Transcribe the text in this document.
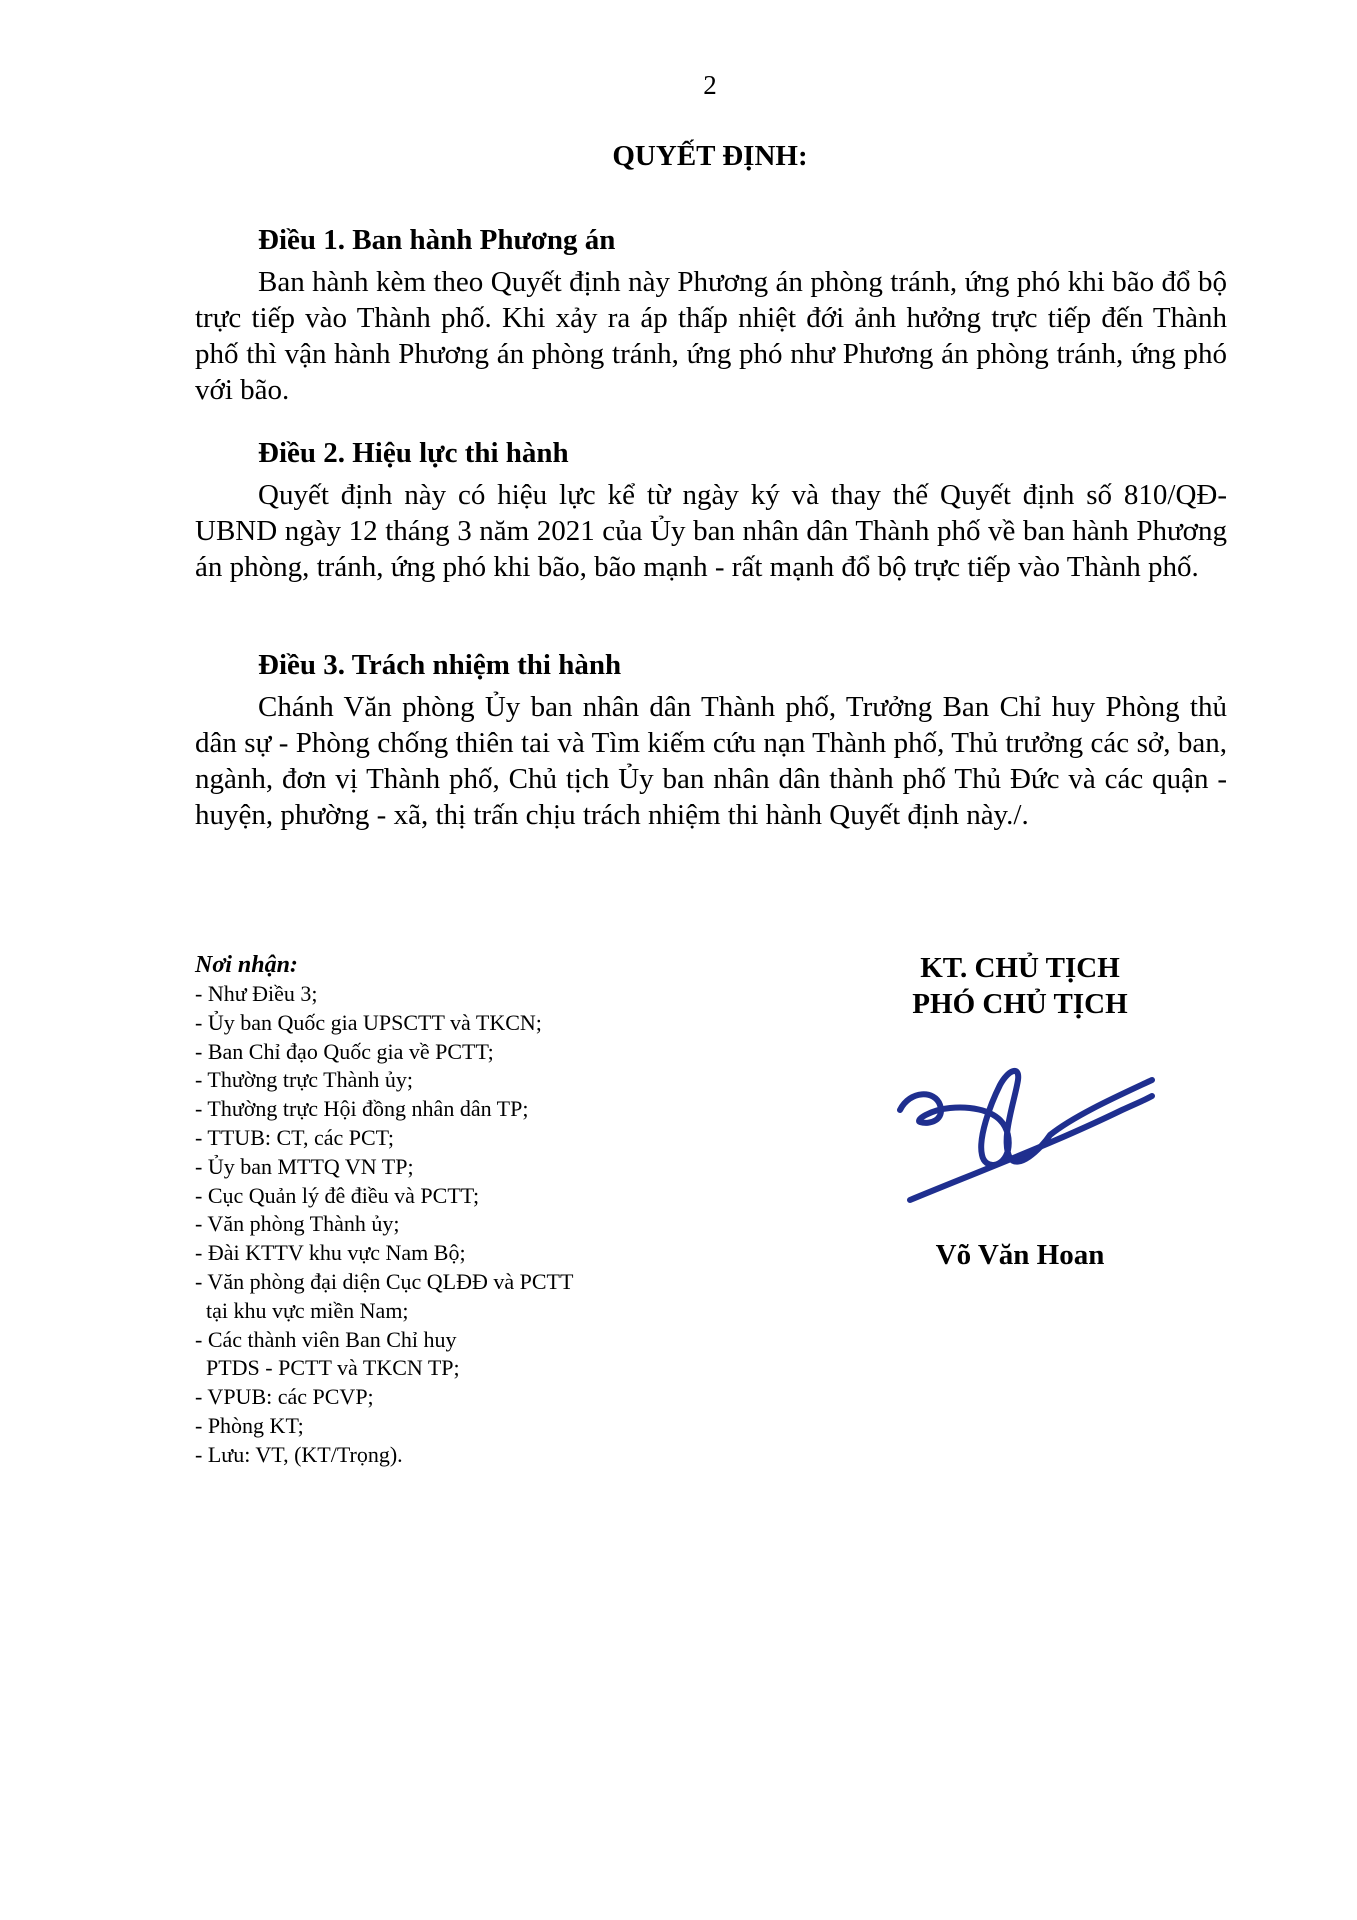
2
QUYẾT ĐỊNH:

Điều 1. Ban hành Phương án

Ban hành kèm theo Quyết định này Phương án phòng tránh, ứng phó khi bão đổ bộ trực tiếp vào Thành phố. Khi xảy ra áp thấp nhiệt đới ảnh hưởng trực tiếp đến Thành phố thì vận hành Phương án phòng tránh, ứng phó như Phương án phòng tránh, ứng phó với bão.

Điều 2. Hiệu lực thi hành

Quyết định này có hiệu lực kể từ ngày ký và thay thế Quyết định số 810/QĐ-UBND ngày 12 tháng 3 năm 2021 của Ủy ban nhân dân Thành phố về ban hành Phương án phòng, tránh, ứng phó khi bão, bão mạnh - rất mạnh đổ bộ trực tiếp vào Thành phố.

Điều 3. Trách nhiệm thi hành

Chánh Văn phòng Ủy ban nhân dân Thành phố, Trưởng Ban Chỉ huy Phòng thủ dân sự - Phòng chống thiên tai và Tìm kiếm cứu nạn Thành phố, Thủ trưởng các sở, ban, ngành, đơn vị Thành phố, Chủ tịch Ủy ban nhân dân thành phố Thủ Đức và các quận - huyện, phường - xã, thị trấn chịu trách nhiệm thi hành Quyết định này./.

Nơi nhận:
- Như Điều 3;
- Ủy ban Quốc gia UPSCTT và TKCN;
- Ban Chỉ đạo Quốc gia về PCTT;
- Thường trực Thành ủy;
- Thường trực Hội đồng nhân dân TP;
- TTUB: CT, các PCT;
- Ủy ban MTTQ VN TP;
- Cục Quản lý đê điều và PCTT;
- Văn phòng Thành ủy;
- Đài KTTV khu vực Nam Bộ;
- Văn phòng đại diện Cục QLĐĐ và PCTT
tại khu vực miền Nam;
- Các thành viên Ban Chỉ huy
PTDS - PCTT và TKCN TP;
- VPUB: các PCVP;
- Phòng KT;
- Lưu: VT, (KT/Trọng).
KT. CHỦ TỊCH
PHÓ CHỦ TỊCH
Võ Văn Hoan
